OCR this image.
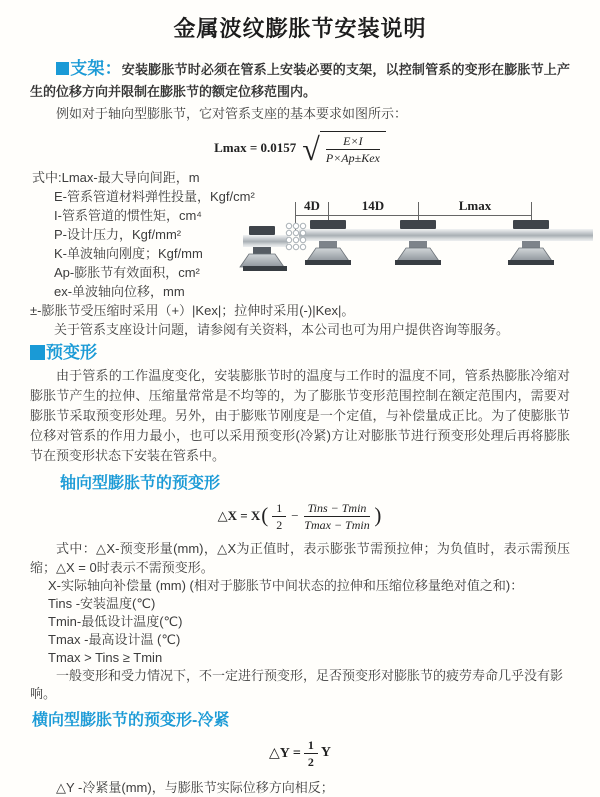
金属波纹膨胀节安装说明

支架：安装膨胀节时必须在管系上安装必要的支架，以控制管系的变形在膨胀节上产生的位移方向并限制在膨胀节的额定位移范围内。

例如对于轴向型膨胀节，它对管系支座的基本要求如图所示：

Lmax = 0.0157 √ $\frac{E\times I}{\text{P×Ap±Kex}}$

式中:Lmax-最大导向间距，m

E-管系管道材料弹性投量，Kgf/cm²

I-管系管道的惯性矩，cm⁴

P-设计压力，Kgf/mm²

K-单波轴向刚度；Kgf/mm

Ap-膨胀节有效面积，cm²

ex-单波轴向位移，mm

±-膨胀节受压缩时采用（+）|Kex|；拉伸时采用(-)|Kex|。

关于管系支座设计问题，请参阅有关资料，本公司也可为用户提供咨询等服务。

预变形

由于管系的工作温度变化，安装膨胀节时的温度与工作时的温度不同，管系热膨胀冷缩对膨胀节产生的拉伸、压缩量常常是不均等的，为了膨胀节变形范围控制在额定范围内，需要对膨胀节采取预变形处理。另外，由于膨账节刚度是一个定值，与补偿量成正比。为了使膨胀节位移对管系的作用力最小，也可以采用预变形(冷紧)方让对膨胀节进行预变形处理后再将膨胀节在预变形状态下安装在管系中。

轴向型膨胀节的预变形
△X = X ( $\frac{1}{2} - \frac{\text{Tins − Tmin}}{Tmax - Tmin}$ )

式中：△X-预变形量(mm)，△X为正值时，表示膨张节需预拉伸；为负值时，表示需预压缩；△X = 0时表示不需预变形。

X-实际轴向补偿量 (mm) (相对于膨胀节中间状态的拉伸和压缩位移量绝对值之和)：

Tins -安装温度(℃)

Tmin-最低设计温度(℃)

Tmax -最高设计温 (℃)

Tmax > Tins ≥ Tmin

一般变形和受力情况下，不一定进行预变形，足否预变形对膨胀节的疲劳寿命几乎没有影响。

横向型膨胀节的预变形-冷紧
△Y = $\frac{1}{2}$ Y

△Y -冷紧量(mm)，与膨胀节实际位移方向相反；

4D	14D	Lmax
